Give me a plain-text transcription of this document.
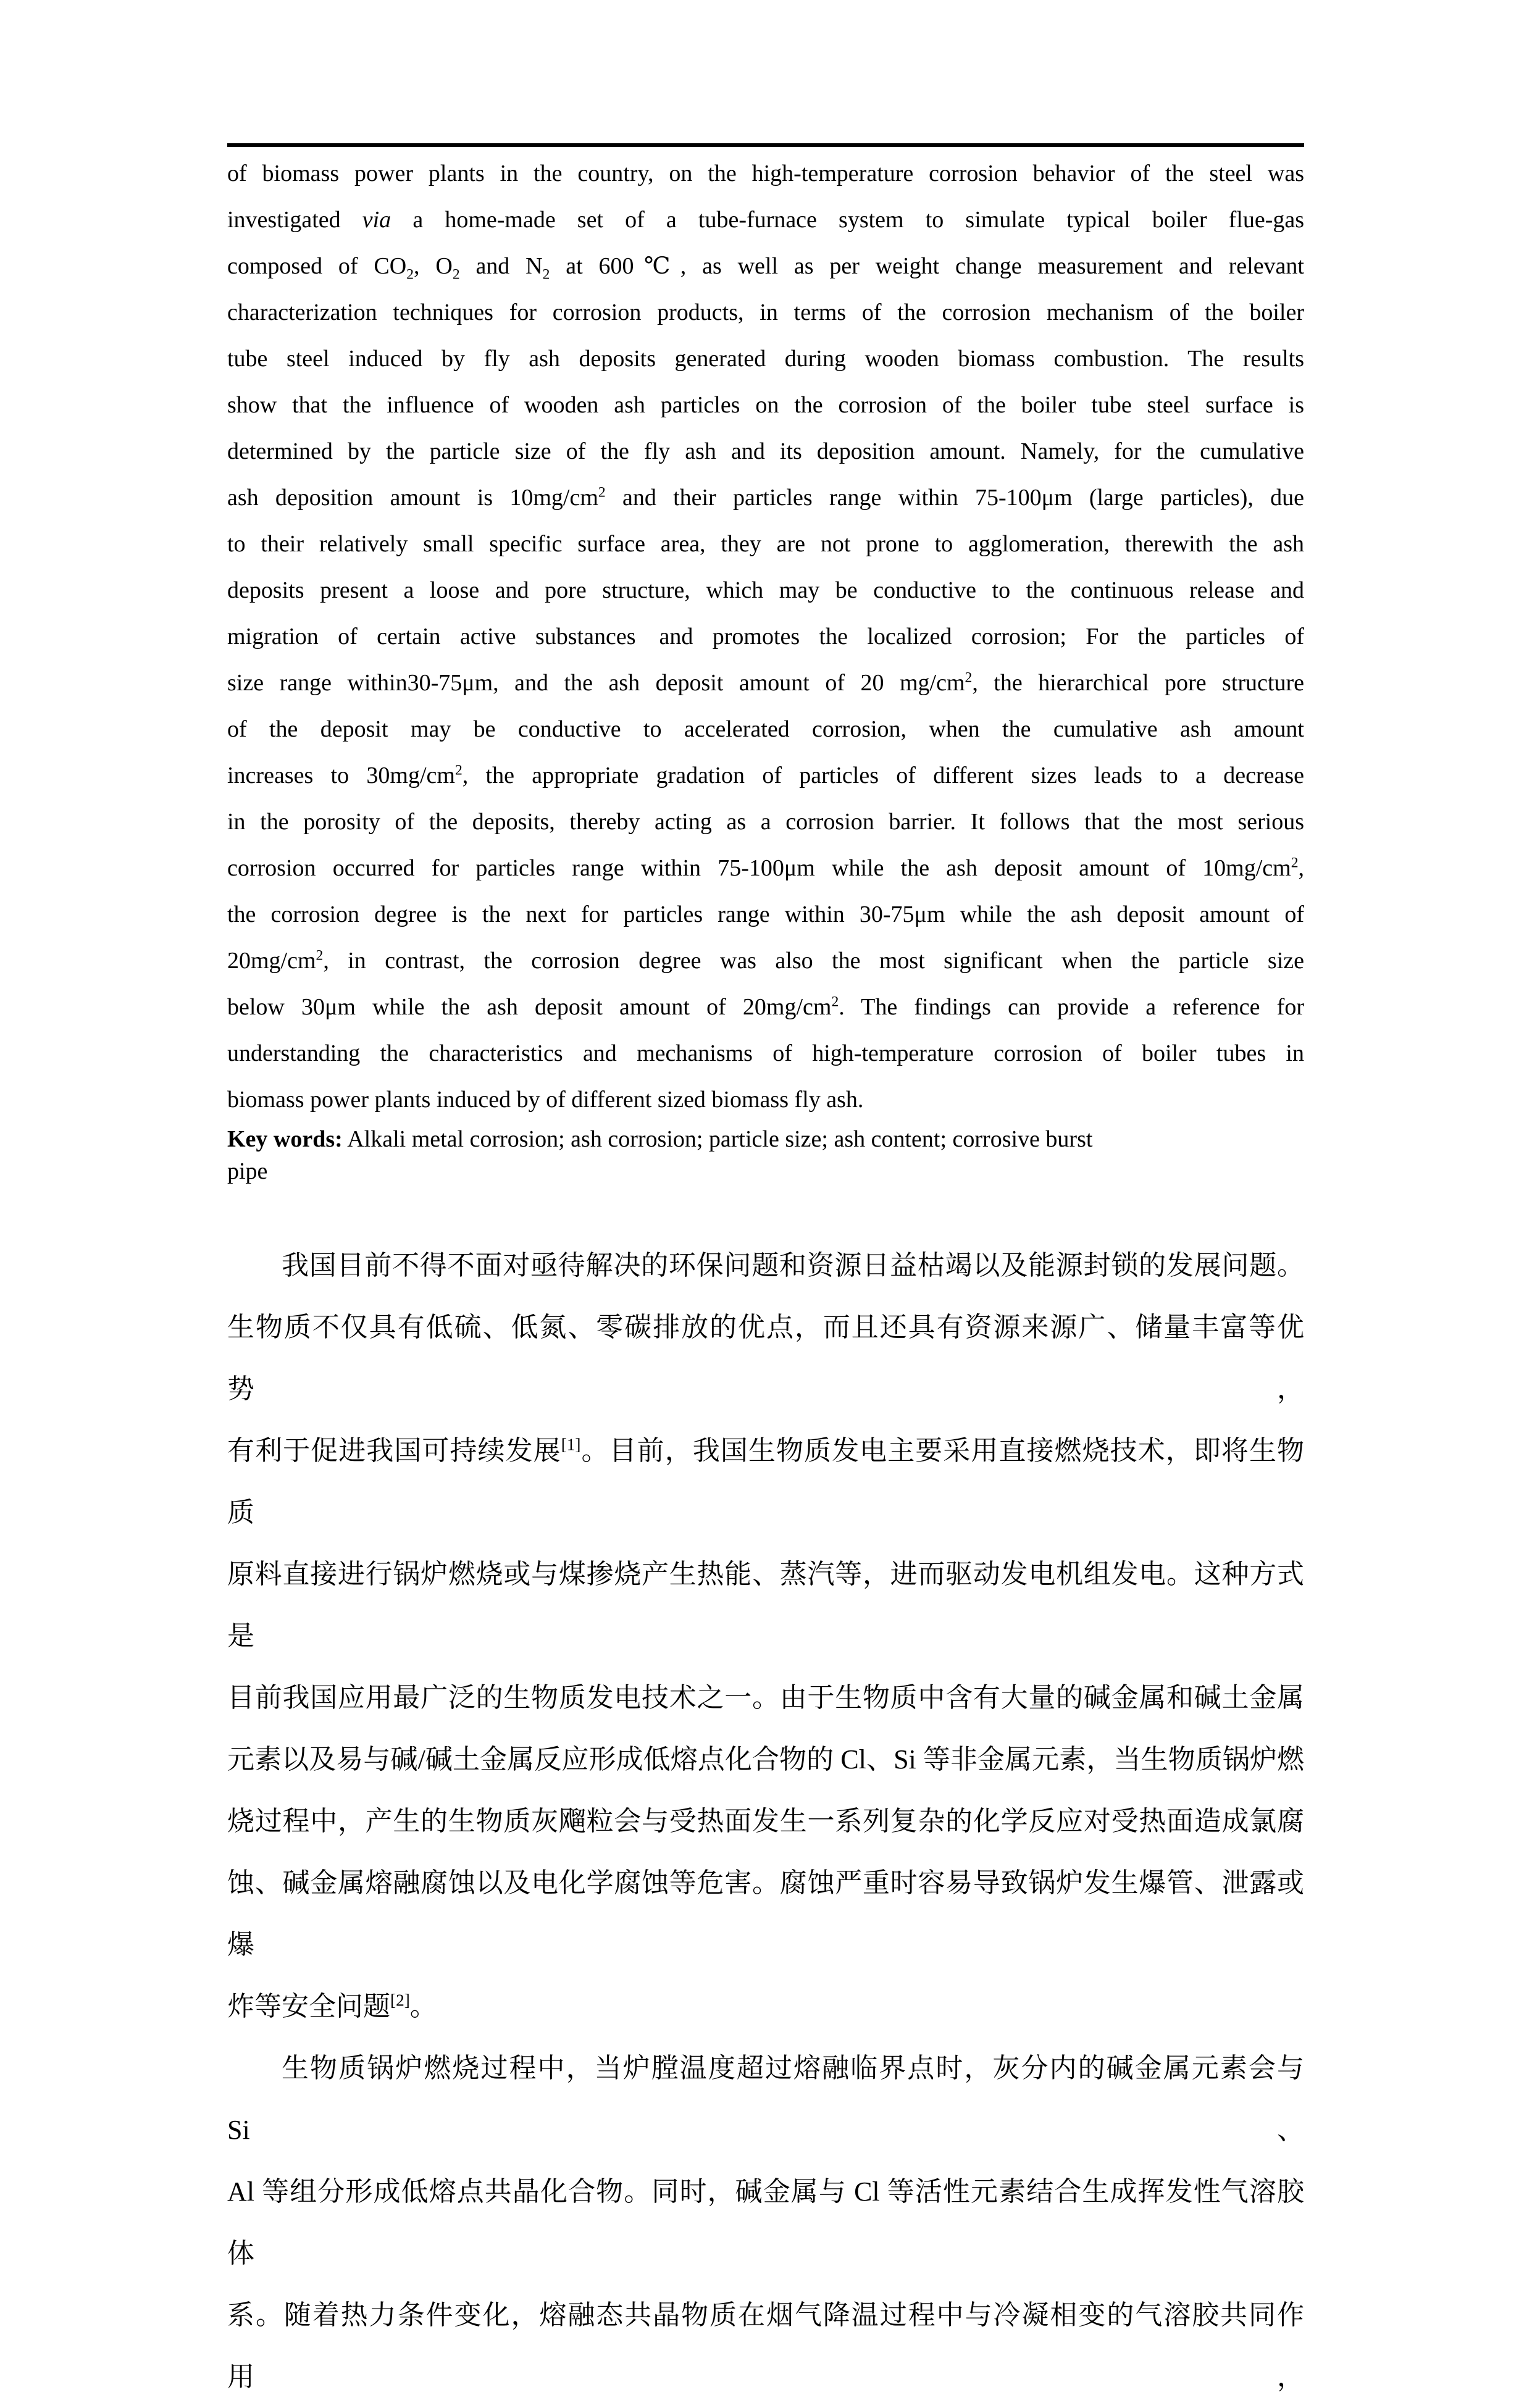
of biomass power plants in the country, on the high-temperature corrosion behavior of the steel was
investigated via a home-made set of a tube-furnace system to simulate typical boiler flue-gas
composed of $CO_2$, $O_2$ and $N_2$ at 600℃, as well as per weight change measurement and relevant
characterization techniques for corrosion products, in terms of the corrosion mechanism of the boiler
tube steel induced by fly ash deposits generated during wooden biomass combustion. The results
show that the influence of wooden ash particles on the corrosion of the boiler tube steel surface is
determined by the particle size of the fly ash and its deposition amount. Namely, for the cumulative
ash deposition amount is $10mg/cm^2$ and their particles range within 75-100μm (large particles), due
to their relatively small specific surface area, they are not prone to agglomeration, therewith the ash
deposits present a loose and pore structure, which may be conductive to the continuous release and
migration of certain active substances  and promotes the localized corrosion; For the particles of
size range within30-75μm, and the ash deposit amount of 20 $mg/cm^2$, the hierarchical pore structure
of the deposit may be conductive to accelerated corrosion, when the cumulative ash amount
increases to $30mg/cm^2$, the appropriate gradation of particles of different sizes leads to a decrease
in the porosity of the deposits, thereby acting as a corrosion barrier. It follows that the most serious
corrosion occurred for particles range within 75-100μm while the ash deposit amount of $10mg/cm^2$,
the corrosion degree is the next for particles range within 30-75μm while the ash deposit amount of
$20mg/cm^2$, in contrast, the corrosion degree was also the most significant when the particle size
below 30μm while the ash deposit amount of $20mg/cm^2$. The findings can provide a reference for
understanding the characteristics and mechanisms of high-temperature corrosion of boiler tubes in
biomass power plants induced by of different sized biomass fly ash.
Key words: Alkali metal corrosion; ash corrosion; particle size; ash content; corrosive burst
pipe
我国目前不得不面对亟待解决的环保问题和资源日益枯竭以及能源封锁的发展问题。
生物质不仅具有低硫、低氮、零碳排放的优点，而且还具有资源来源广、储量丰富等优势，
有利于促进我国可持续发展[1]。目前，我国生物质发电主要采用直接燃烧技术，即将生物质
原料直接进行锅炉燃烧或与煤掺烧产生热能、蒸汽等，进而驱动发电机组发电。这种方式是
目前我国应用最广泛的生物质发电技术之一。由于生物质中含有大量的碱金属和碱土金属
元素以及易与碱/碱土金属反应形成低熔点化合物的 Cl、Si 等非金属元素，当生物质锅炉燃
烧过程中，产生的生物质灰飗粒会与受热面发生一系列复杂的化学反应对受热面造成氯腐
蚀、碱金属熔融腐蚀以及电化学腐蚀等危害。腐蚀严重时容易导致锅炉发生爆管、泄露或爆
炸等安全问题[2]。
生物质锅炉燃烧过程中，当炉膛温度超过熔融临界点时，灰分内的碱金属元素会与 Si、
Al 等组分形成低熔点共晶化合物。同时，碱金属与 Cl 等活性元素结合生成挥发性气溶胶体
系。随着热力条件变化，熔融态共晶物质在烟气降温过程中与冷凝相变的气溶胶共同作用，
